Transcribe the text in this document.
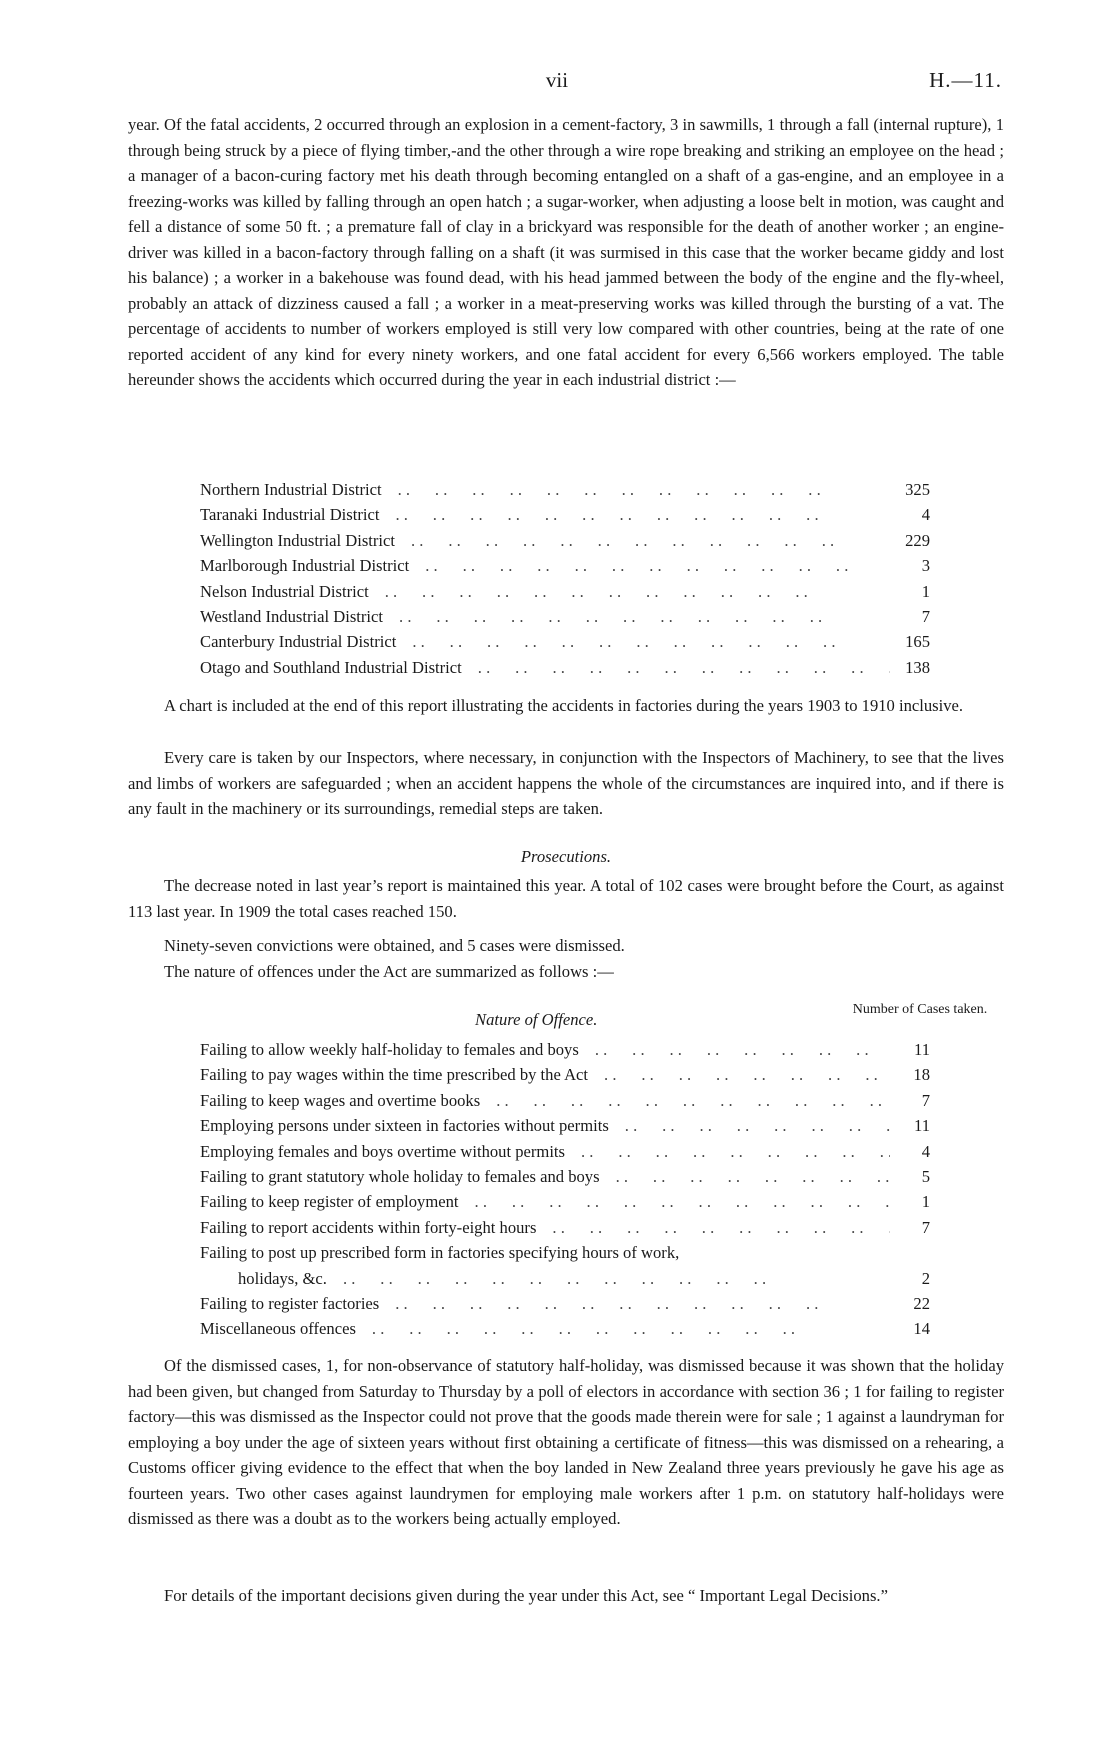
vii	H.—11.

year. Of the fatal accidents, 2 occurred through an explosion in a cement-factory, 3 in sawmills, 1 through a fall (internal rupture), 1 through being struck by a piece of flying timber,-and the other through a wire rope breaking and striking an employee on the head ; a manager of a bacon-curing factory met his death through becoming entangled on a shaft of a gas-engine, and an employee in a freezing-works was killed by falling through an open hatch ; a sugar-worker, when adjusting a loose belt in motion, was caught and fell a distance of some 50 ft. ; a premature fall of clay in a brickyard was responsible for the death of another worker ; an engine-driver was killed in a bacon-factory through falling on a shaft (it was surmised in this case that the worker became giddy and lost his balance) ; a worker in a bakehouse was found dead, with his head jammed between the body of the engine and the fly-wheel, probably an attack of dizziness caused a fall ; a worker in a meat-preserving works was killed through the bursting of a vat. The percentage of accidents to number of workers employed is still very low compared with other countries, being at the rate of one reported accident of any kind for every ninety workers, and one fatal accident for every 6,566 workers employed. The table hereunder shows the accidents which occurred during the year in each industrial district :—

Northern Industrial District . .	325
Taranaki Industrial District . .	4
Wellington Industrial District . .	229
Marlborough Industrial District . .	3
Nelson Industrial District . .	1
Westland Industrial District . .	7
Canterbury Industrial District . .	165
Otago and Southland Industrial District . .	138

A chart is included at the end of this report illustrating the accidents in factories during the years 1903 to 1910 inclusive.

Every care is taken by our Inspectors, where necessary, in conjunction with the Inspectors of Machinery, to see that the lives and limbs of workers are safeguarded ; when an accident happens the whole of the circumstances are inquired into, and if there is any fault in the machinery or its surroundings, remedial steps are taken.

Prosecutions.

The decrease noted in last year’s report is maintained this year. A total of 102 cases were brought before the Court, as against 113 last year. In 1909 the total cases reached 150.

Ninety-seven convictions were obtained, and 5 cases were dismissed.

The nature of offences under the Act are summarized as follows :—

Nature of Offence.
Number of Cases taken.
Failing to allow weekly half-holiday to females and boys . .	11
Failing to pay wages within the time prescribed by the Act . .	18
Failing to keep wages and overtime books . .	7
Employing persons under sixteen in factories without permits . .	11
Employing females and boys overtime without permits . .	4
Failing to grant statutory whole holiday to females and boys . .	5
Failing to keep register of employment . .	1
Failing to report accidents within forty-eight hours . .	7
Failing to post up prescribed form in factories specifying hours of work,
holidays, &c. . .	2
Failing to register factories . .	22
Miscellaneous offences . .	14

Of the dismissed cases, 1, for non-observance of statutory half-holiday, was dismissed because it was shown that the holiday had been given, but changed from Saturday to Thursday by a poll of electors in accordance with section 36 ; 1 for failing to register factory—this was dismissed as the Inspector could not prove that the goods made therein were for sale ; 1 against a laundryman for employing a boy under the age of sixteen years without first obtaining a certificate of fitness—this was dismissed on a rehearing, a Customs officer giving evidence to the effect that when the boy landed in New Zealand three years previously he gave his age as fourteen years. Two other cases against laundrymen for employing male workers after 1 p.m. on statutory half-holidays were dismissed as there was a doubt as to the workers being actually employed.

For details of the important decisions given during the year under this Act, see “ Important Legal Decisions.”
